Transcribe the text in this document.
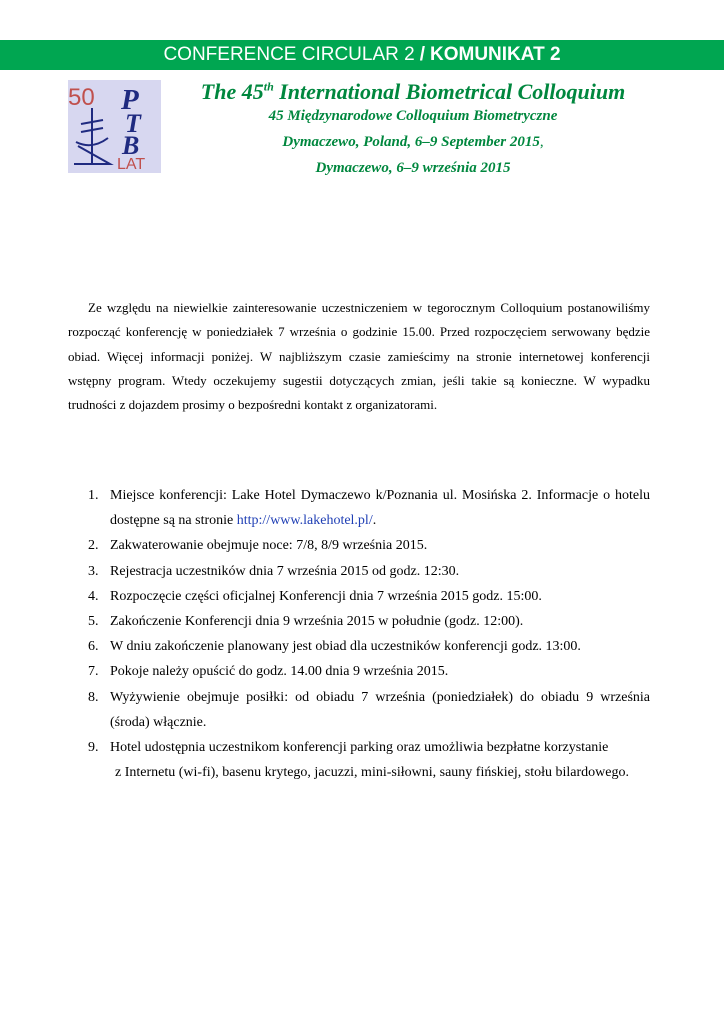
CONFERENCE CIRCULAR 2 / KOMUNIKAT 2
50 P
T
B
LAT
The 45th International Biometrical Colloquium
45 Międzynarodowe Colloquium Biometryczne
Dymaczewo, Poland, 6–9 September 2015,
Dymaczewo, 6–9 września 2015
Ze względu na niewielkie zainteresowanie uczestniczeniem w tegorocznym Colloquium postanowiliśmy rozpocząć konferencję w poniedziałek 7 września o godzinie 15.00. Przed rozpoczęciem serwowany będzie obiad. Więcej informacji poniżej. W najbliższym czasie zamieścimy na stronie internetowej konferencji wstępny program. Wtedy oczekujemy sugestii dotyczących zmian, jeśli takie są konieczne. W wypadku trudności z dojazdem prosimy o bezpośredni kontakt z organizatorami.
1. Miejsce konferencji: Lake Hotel Dymaczewo k/Poznania ul. Mosińska 2. Informacje o hotelu dostępne są na stronie http://www.lakehotel.pl/.
2. Zakwaterowanie obejmuje noce: 7/8, 8/9 września 2015.
3. Rejestracja uczestników dnia 7 września 2015 od godz. 12:30.
4. Rozpoczęcie części oficjalnej Konferencji dnia 7 września 2015 godz. 15:00.
5. Zakończenie Konferencji dnia 9 września 2015 w południe (godz. 12:00).
6. W dniu zakończenie planowany jest obiad dla uczestników konferencji godz. 13:00.
7. Pokoje należy opuścić do godz. 14.00 dnia 9 września 2015.
8. Wyżywienie obejmuje posiłki: od obiadu 7 września (poniedziałek) do obiadu 9 września (środa) włącznie.
9. Hotel udostępnia uczestnikom konferencji parking oraz umożliwia bezpłatne korzystanie
z Internetu (wi-fi), basenu krytego, jacuzzi, mini-siłowni, sauny fińskiej, stołu bilardowego.
